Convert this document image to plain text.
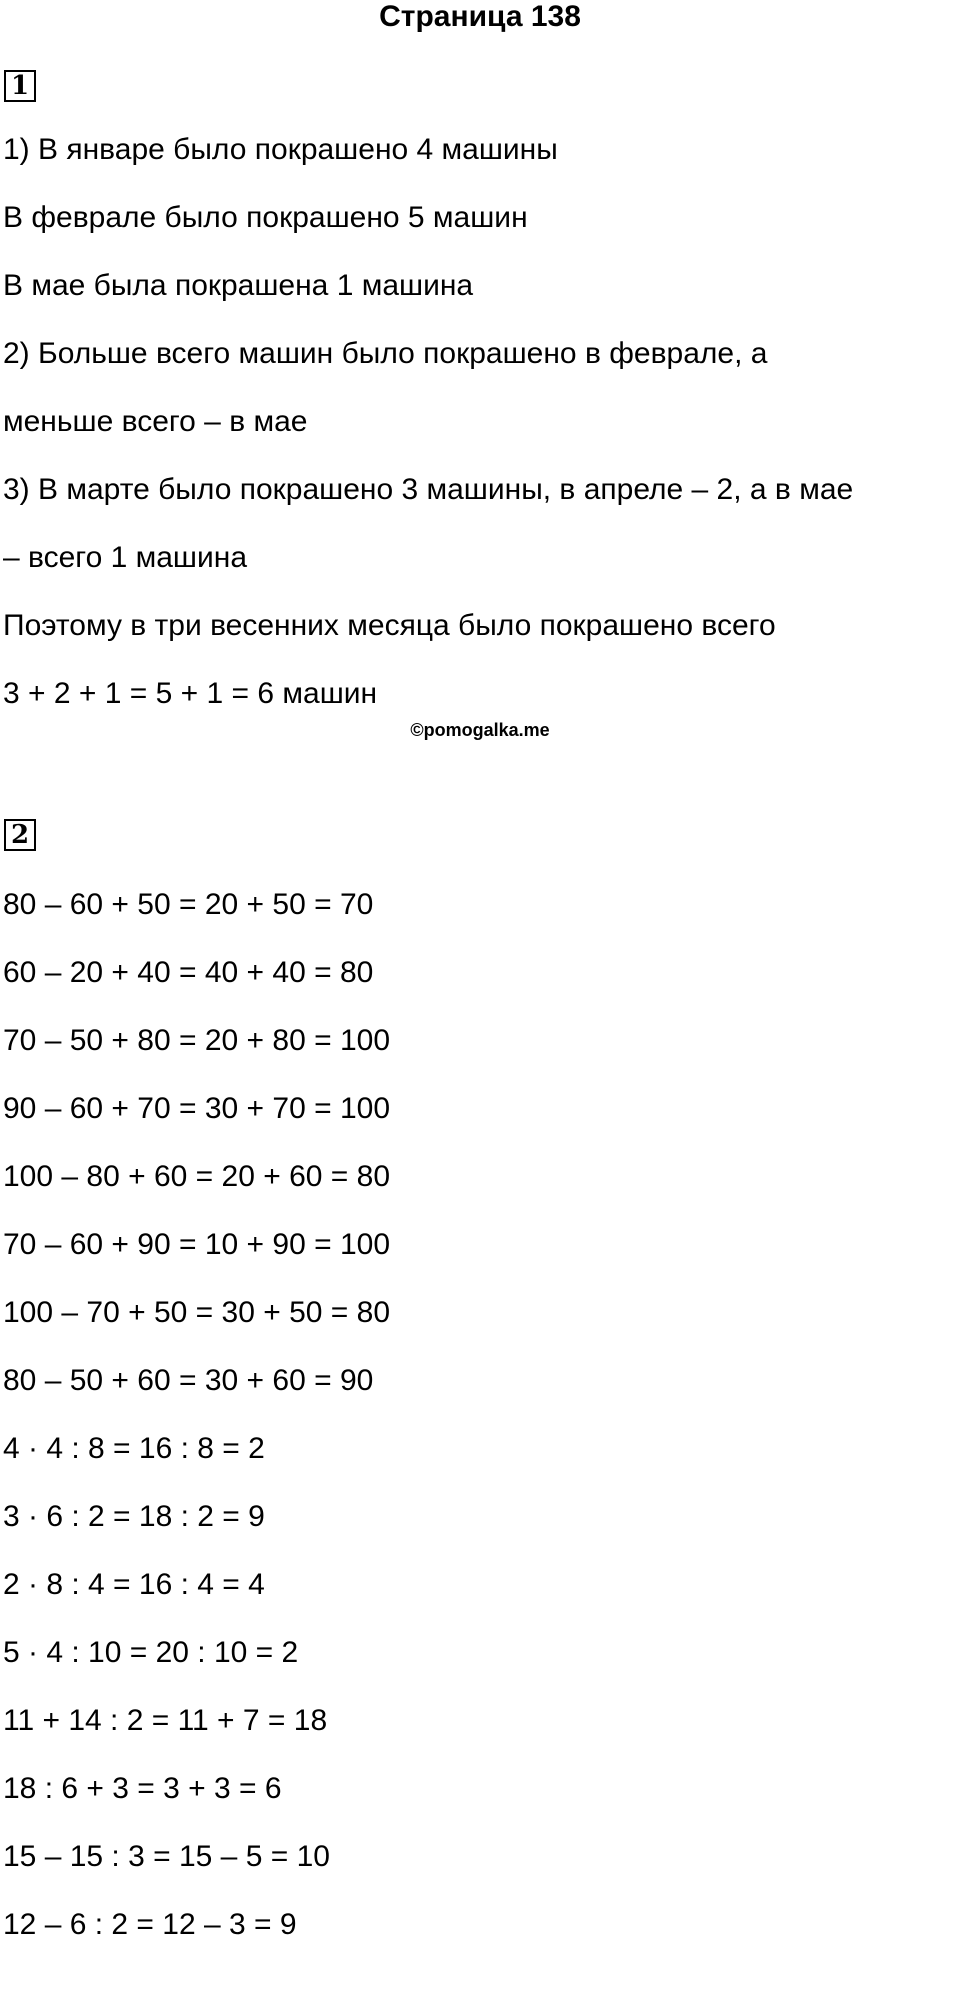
Страница 138
1
1) В январе было покрашено 4 машины
В феврале было покрашено 5 машин
В мае была покрашена 1 машина
2) Больше всего машин было покрашено в феврале, а
меньше всего – в мае
3) В марте было покрашено 3 машины, в апреле – 2, а в мае
– всего 1 машина
Поэтому в три весенних месяца было покрашено всего
3 + 2 + 1 = 5 + 1 = 6 машин
©pomogalka.me
2
80 – 60 + 50 = 20 + 50 = 70
60 – 20 + 40 = 40 + 40 = 80
70 – 50 + 80 = 20 + 80 = 100
90 – 60 + 70 = 30 + 70 = 100
100 – 80 + 60 = 20 + 60 = 80
70 – 60 + 90 = 10 + 90 = 100
100 – 70 + 50 = 30 + 50 = 80
80 – 50 + 60 = 30 + 60 = 90
4 · 4 : 8 = 16 : 8 = 2
3 · 6 : 2 = 18 : 2 = 9
2 · 8 : 4 = 16 : 4 = 4
5 · 4 : 10 = 20 : 10 = 2
11 + 14 : 2 = 11 + 7 = 18
18 : 6 + 3 = 3 + 3 = 6
15 – 15 : 3 = 15 – 5 = 10
12 – 6 : 2 = 12 – 3 = 9
